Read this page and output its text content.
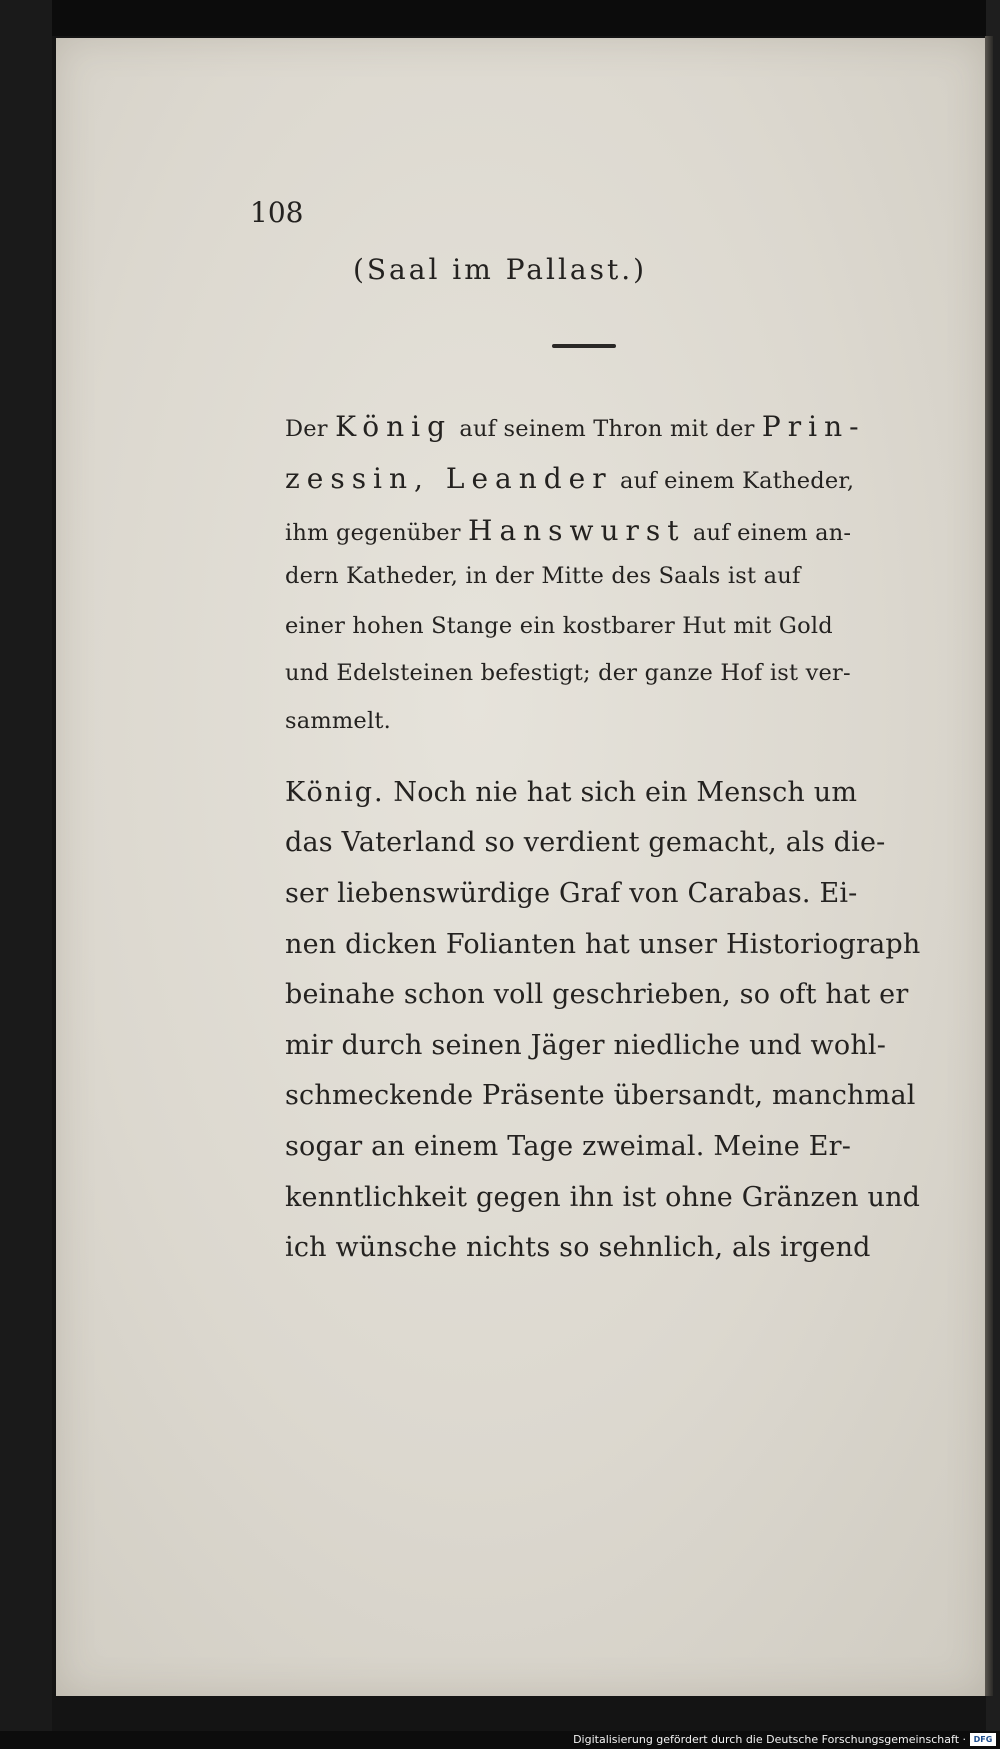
108
(Saal im Pallast.)
Der König auf seinem Thron mit der Prin-
zessin, Leander auf einem Katheder,
ihm gegenüber Hanswurst auf einem an-
dern Katheder, in der Mitte des Saals ist auf
einer hohen Stange ein kostbarer Hut mit Gold
und Edelsteinen befestigt; der ganze Hof ist ver-
sammelt.
König. Noch nie hat sich ein Mensch um
das Vaterland so verdient gemacht, als die-
ser liebenswürdige Graf von Carabas. Ei-
nen dicken Folianten hat unser Historiograph
beinahe schon voll geschrieben, so oft hat er
mir durch seinen Jäger niedliche und wohl-
schmeckende Präsente übersandt, manchmal
sogar an einem Tage zweimal. Meine Er-
kenntlichkeit gegen ihn ist ohne Gränzen und
ich wünsche nichts so sehnlich, als irgend
Digitalisierung gefördert durch die Deutsche Forschungsgemeinschaft · DFG
